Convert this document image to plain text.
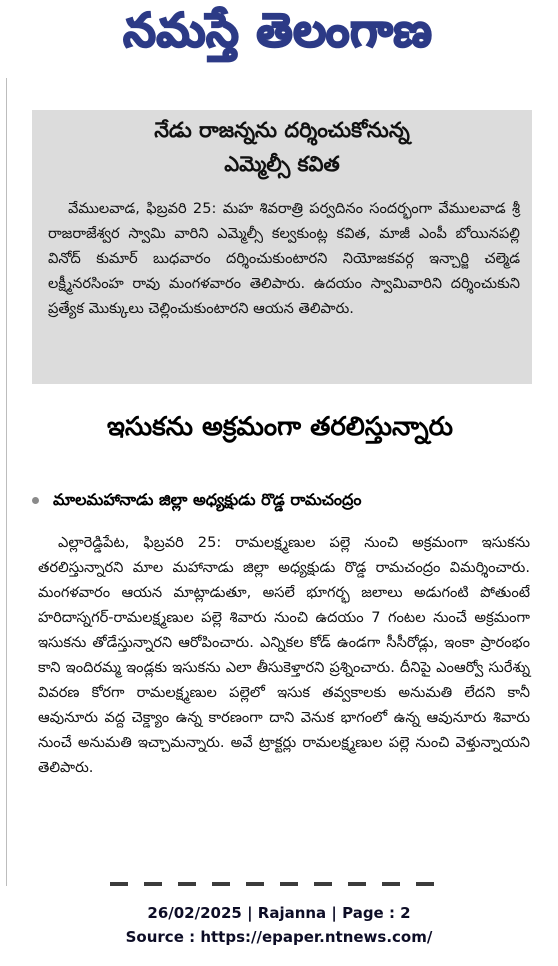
నమస్తే తెలంగాణ
నేడు రాజన్నను దర్శించుకోనున్న
ఎమ్మెల్సీ కవిత
వేములవాడ, ఫిబ్రవరి 25: మహ శివరాత్రి పర్వదినం సందర్భంగా వేములవాడ శ్రీ రాజరాజేశ్వర స్వామి వారిని ఎమ్మెల్సీ కల్వకుంట్ల కవిత, మాజీ ఎంపీ బోయినపల్లి వినోద్ కుమార్ బుధవారం దర్శించుకుంటారని నియోజకవర్గ ఇన్చార్జి చల్మెడ లక్ష్మీనరసింహ రావు మంగళవారం తెలిపారు. ఉదయం స్వామివారిని దర్శించుకుని ప్రత్యేక మొక్కులు చెల్లించుకుంటారని ఆయన తెలిపారు.
ఇసుకను అక్రమంగా తరలిస్తున్నారు
మాలమహానాడు జిల్లా అధ్యక్షుడు రొడ్డ రామచంద్రం
ఎల్లారెడ్డిపేట, ఫిబ్రవరి 25: రామలక్ష్మణుల పల్లె నుంచి అక్రమంగా ఇసుకను తరలిస్తున్నారని మాల మహానాడు జిల్లా అధ్యక్షుడు రొడ్డ రామచంద్రం విమర్శించారు. మంగళవారం ఆయన మాట్లాడుతూ, అసలే భూగర్భ జలాలు అడుగంటి పోతుంటే హరిదాస్నగర్-రామలక్ష్మణుల పల్లె శివారు నుంచి ఉదయం 7 గంటల నుంచే అక్రమంగా ఇసుకను తోడేస్తున్నారని ఆరోపించారు. ఎన్నికల కోడ్ ఉండగా సీసీరోడ్లు, ఇంకా ప్రారంభం కాని ఇందిరమ్మ ఇండ్లకు ఇసుకను ఎలా తీసుకెళ్తారని ప్రశ్నించారు. దీనిపై ఎంఆర్వో సురేశ్ను వివరణ కోరగా రామలక్ష్మణుల పల్లెలో ఇసుక తవ్వకాలకు అనుమతి లేదని కానీ ఆవునూరు వద్ద చెక్డ్యాం ఉన్న కారణంగా దాని వెనుక భాగంలో ఉన్న ఆవునూరు శివారు నుంచే అనుమతి ఇచ్చామన్నారు. అవే ట్రాక్టర్లు రామలక్ష్మణుల పల్లె నుంచి వెళ్తున్నాయని తెలిపారు.
26/02/2025 | Rajanna | Page : 2
Source : https://epaper.ntnews.com/
